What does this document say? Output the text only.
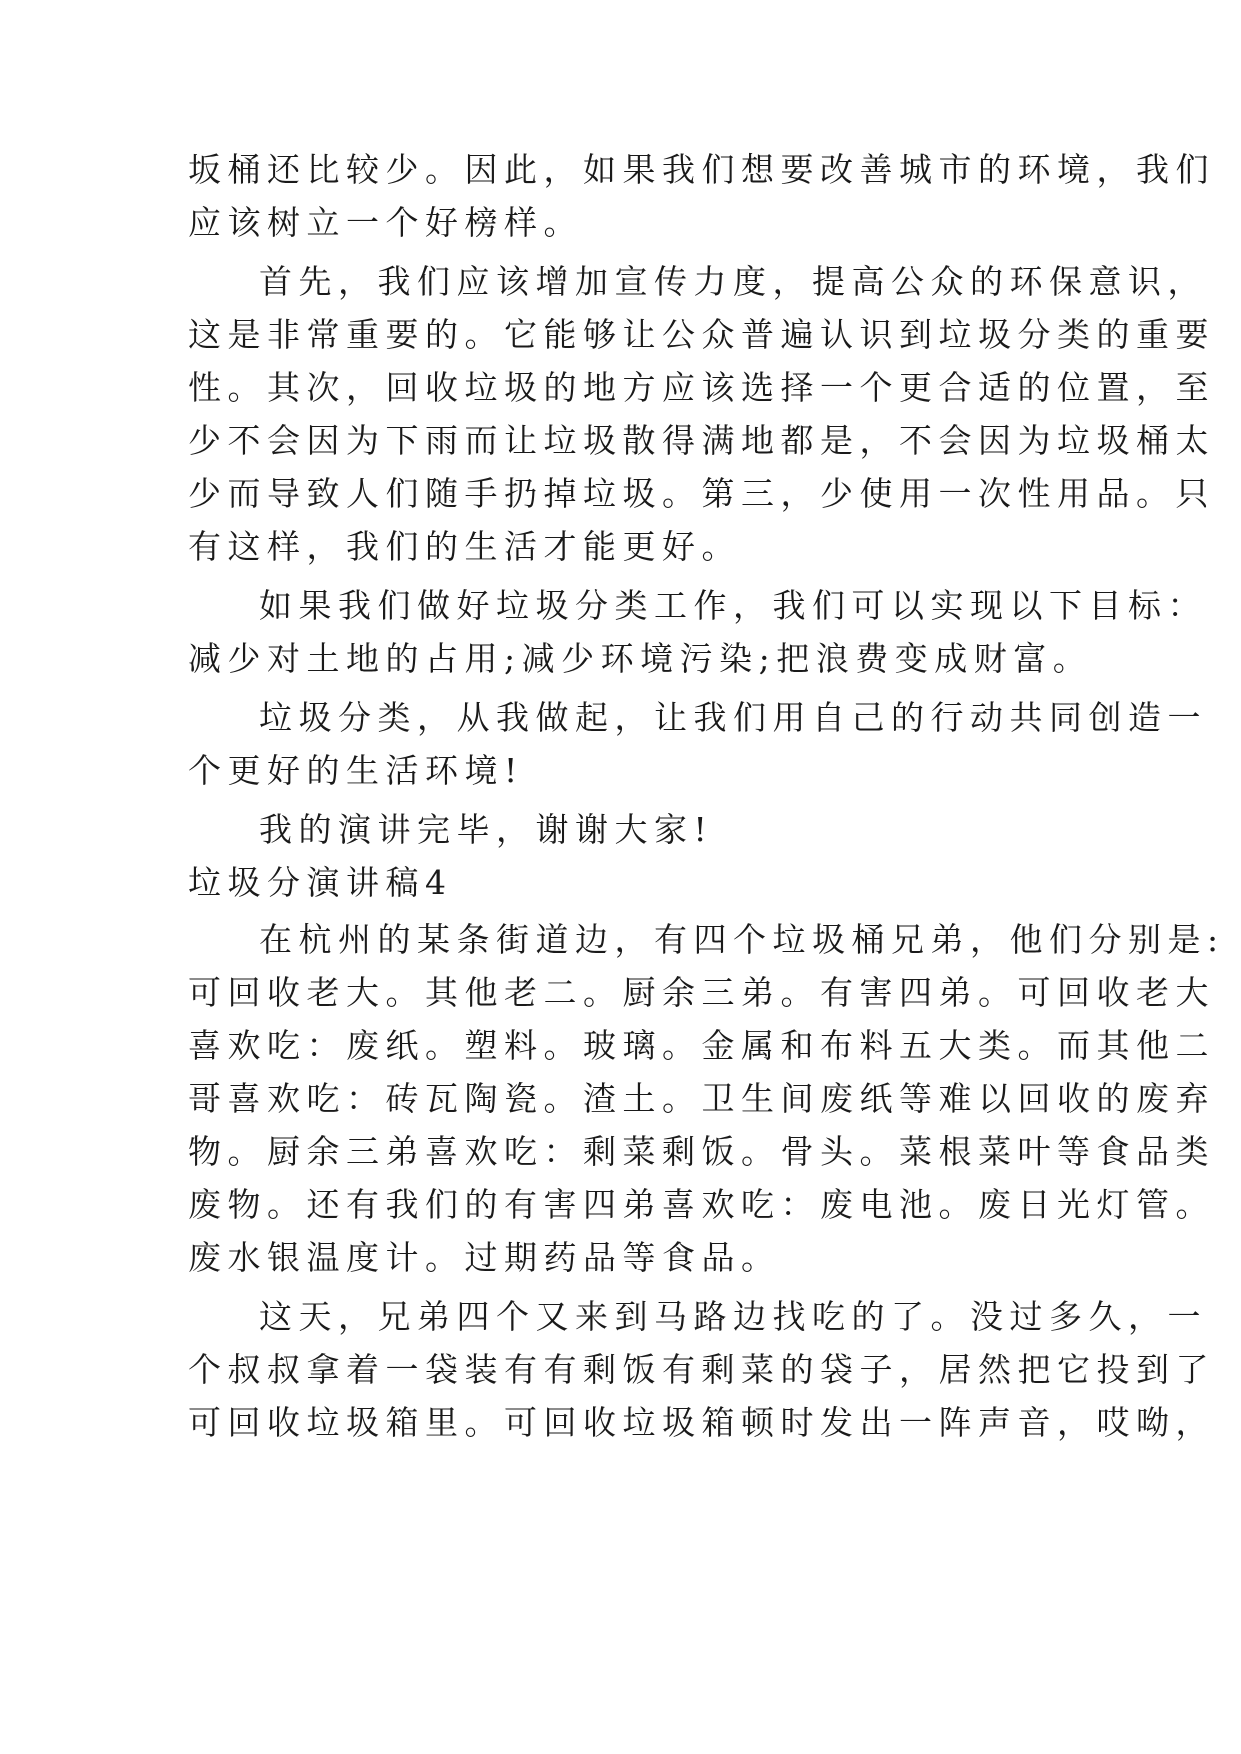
坂桶还比较少。因此，如果我们想要改善城市的环境，我们
应该树立一个好榜样。
首先，我们应该增加宣传力度，提高公众的环保意识，
这是非常重要的。它能够让公众普遍认识到垃圾分类的重要
性。其次，回收垃圾的地方应该选择一个更合适的位置，至
少不会因为下雨而让垃圾散得满地都是，不会因为垃圾桶太
少而导致人们随手扔掉垃圾。第三，少使用一次性用品。只
有这样，我们的生活才能更好。
如果我们做好垃圾分类工作，我们可以实现以下目标：
减少对土地的占用;减少环境污染;把浪费变成财富。
垃圾分类，从我做起，让我们用自己的行动共同创造一
个更好的生活环境!
我的演讲完毕，谢谢大家!
垃圾分演讲稿4
在杭州的某条街道边，有四个垃圾桶兄弟，他们分别是:
可回收老大。其他老二。厨余三弟。有害四弟。可回收老大
喜欢吃：废纸。塑料。玻璃。金属和布料五大类。而其他二
哥喜欢吃：砖瓦陶瓷。渣土。卫生间废纸等难以回收的废弃
物。厨余三弟喜欢吃：剩菜剩饭。骨头。菜根菜叶等食品类
废物。还有我们的有害四弟喜欢吃：废电池。废日光灯管。
废水银温度计。过期药品等食品。
这天，兄弟四个又来到马路边找吃的了。没过多久，一
个叔叔拿着一袋装有有剩饭有剩菜的袋子，居然把它投到了
可回收垃圾箱里。可回收垃圾箱顿时发出一阵声音，哎呦，
